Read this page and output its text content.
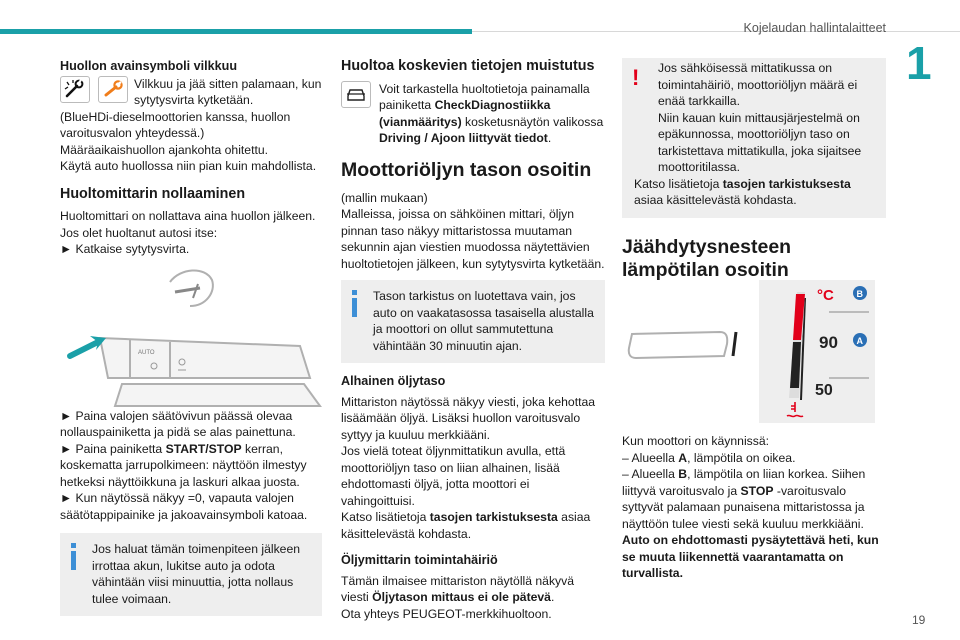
Kojelaudan hallintalaitteet
1
19
Huollon avainsymboli vilkkuu

Vilkkuu ja jää sitten palamaan, kun sytytysvirta kytketään.

(BlueHDi-dieselmoottorien kanssa, huollon varoitusvalon yhteydessä.)

Määräaikaishuollon ajankohta ohitettu.

Käytä auto huollossa niin pian kuin mahdollista.

Huoltomittarin nollaaminen

Huoltomittari on nollattava aina huollon jälkeen.

Jos olet huoltanut autosi itse:

► Katkaise sytytysvirta.

AUTO

► Paina valojen säätövivun päässä olevaa nollauspainiketta ja pidä se alas painettuna.

► Paina painiketta START/STOP kerran, koskematta jarrupolkimeen: näyttöön ilmestyy hetkeksi näyttöikkuna ja laskuri alkaa juosta.

► Kun näytössä näkyy =0, vapauta valojen säätötappipainike ja jakoavainsymboli katoaa.

Jos haluat tämän toimenpiteen jälkeen irrottaa akun, lukitse auto ja odota vähintään viisi minuuttia, jotta nollaus tulee voimaan.

Huoltoa koskevien tietojen muistutus

Voit tarkastella huoltotietoja painamalla painiketta CheckDiagnostiikka (vianmääritys) kosketusnäytön valikossa Driving / Ajoon liittyvät tiedot.

Moottoriöljyn tason osoitin

(mallin mukaan)
Malleissa, joissa on sähköinen mittari, öljyn pinnan taso näkyy mittaristossa muutaman sekunnin ajan viestien muodossa näytettävien huoltotietojen jälkeen, kun sytytysvirta kytketään.

Tason tarkistus on luotettava vain, jos auto on vaakatasossa tasaisella alustalla ja moottori on ollut sammutettuna vähintään 30 minuutin ajan.

Alhainen öljytaso

Mittariston näytössä näkyy viesti, joka kehottaa lisäämään öljyä. Lisäksi huollon varoitusvalo syttyy ja kuuluu merkkiääni.
Jos vielä toteat öljynmittatikun avulla, että moottoriöljyn taso on liian alhainen, lisää ehdottomasti öljyä, jotta moottori ei vahingoittuisi.

Katso lisätietoja tasojen tarkistuksesta asiaa käsittelevästä kohdasta.

Öljymittarin toimintahäiriö

Tämän ilmaisee mittariston näytöllä näkyvä viesti Öljytason mittaus ei ole pätevä.

Ota yhteys PEUGEOT-merkkihuoltoon.

!	Jos sähköisessä mittatikussa on toimintahäiriö, moottoriöljyn määrä ei enää tarkkailla.
Niin kauan kuin mittausjärjestelmä on epäkunnossa, moottoriöljyn taso on tarkistettava mittatikulla, joka sijaitsee moottoritilassa.

Katso lisätietoja tasojen tarkistuksesta asiaa käsittelevästä kohdasta.

Jäähdytysnesteen lämpötilan osoitin
°C	B
90 A
50

Kun moottori on käynnissä:

– Alueella A, lämpötila on oikea.

– Alueella B, lämpötila on liian korkea. Siihen liittyvä varoitusvalo ja STOP -varoitusvalo syttyvät palamaan punaisena mittaristossa ja näyttöön tulee viesti sekä kuuluu merkkiääni.

Auto on ehdottomasti pysäytettävä heti, kun se muuta liikennettä vaarantamatta on turvallista.
